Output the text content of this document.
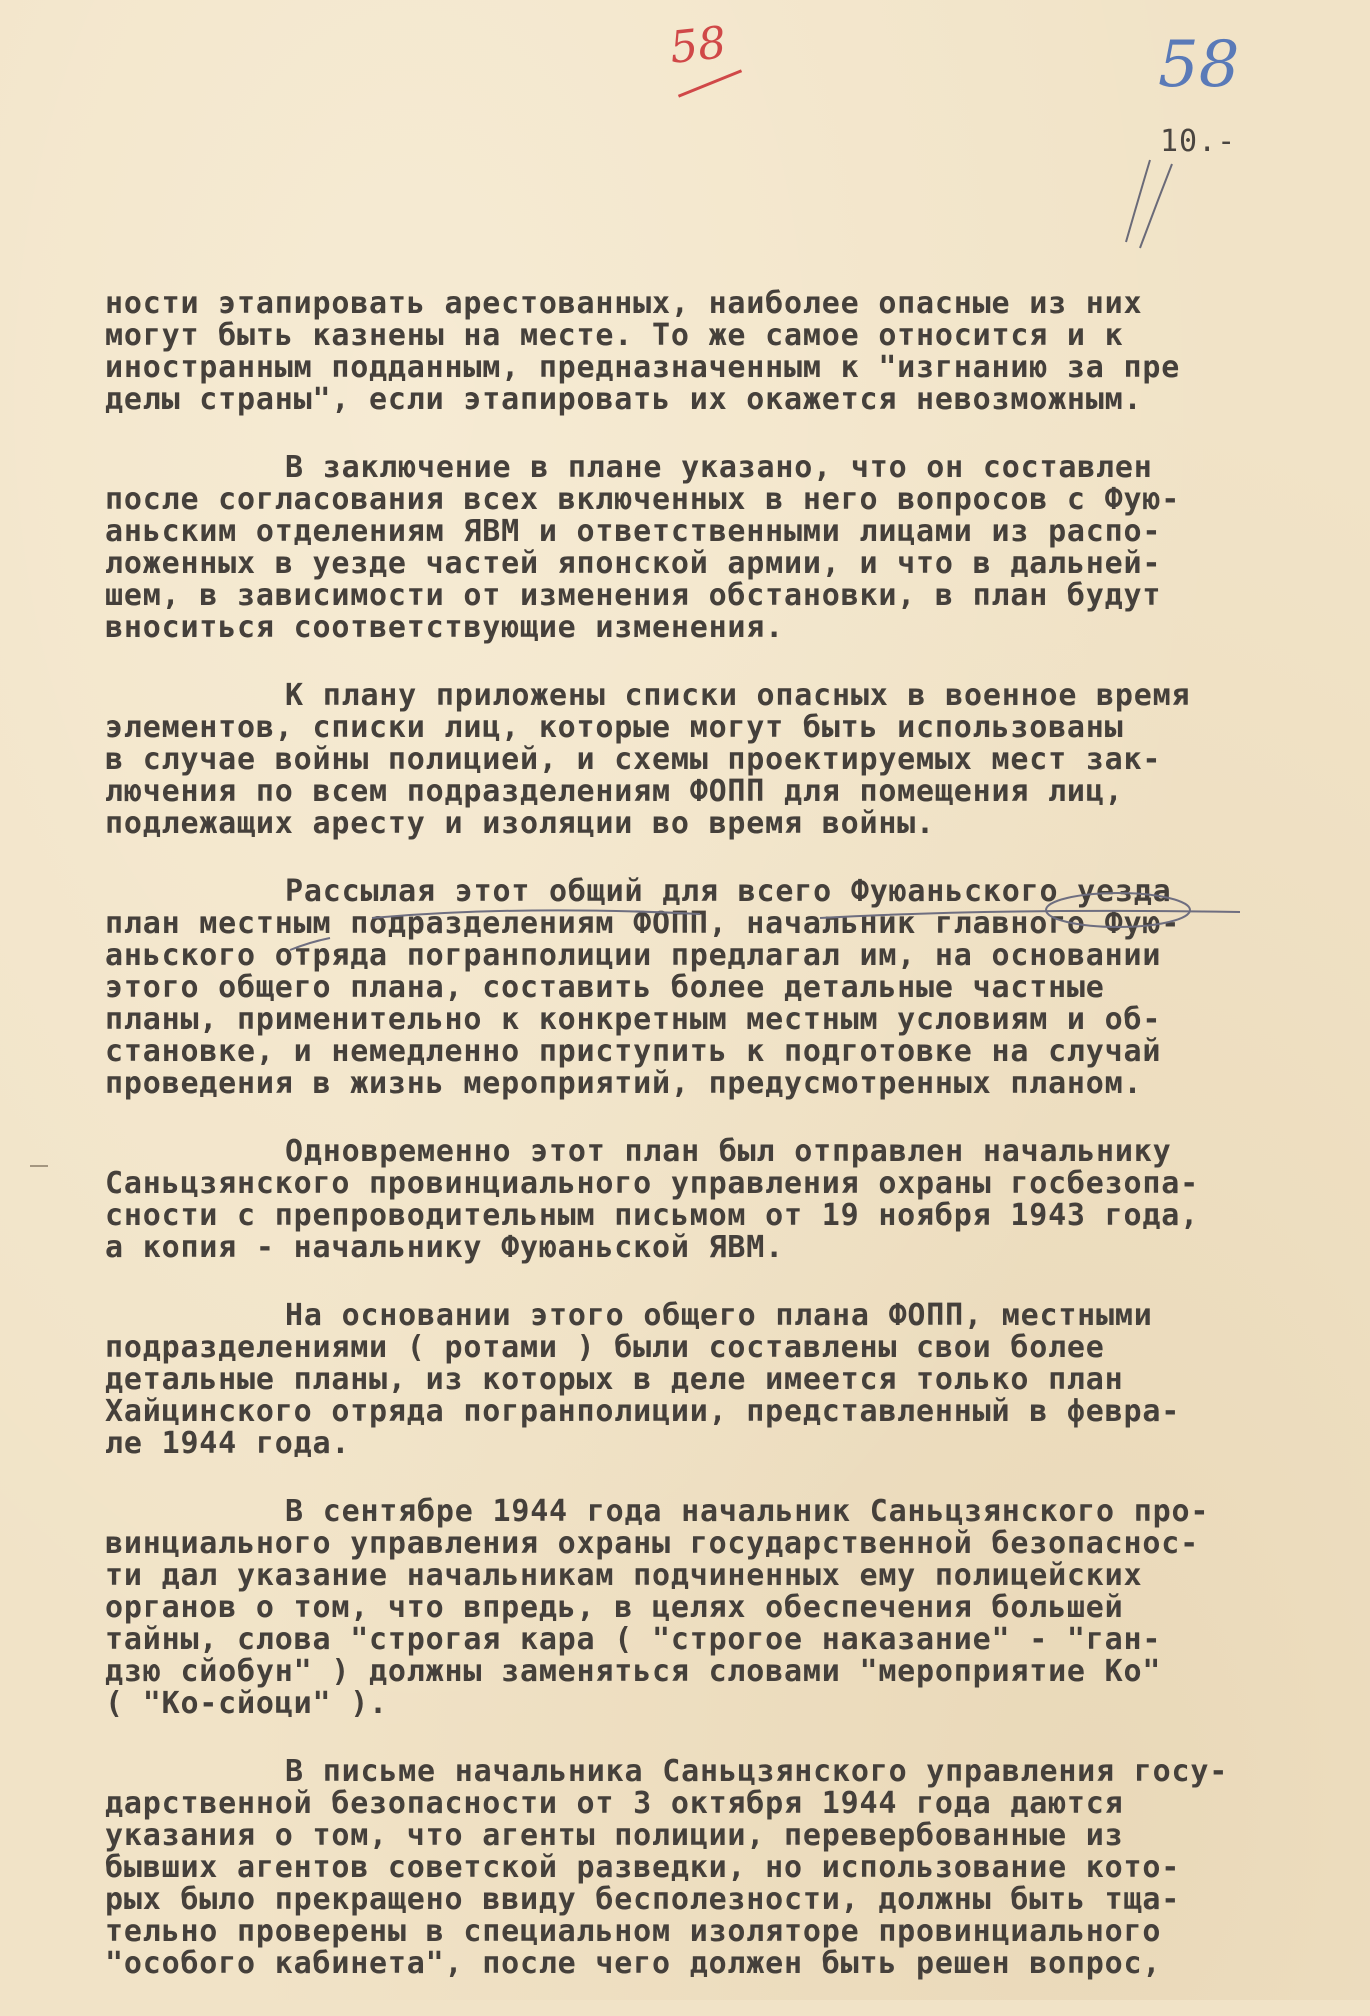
58	58
10.-
ности этапировать арестованных, наиболее опасные из них
могут быть казнены на месте. То же самое относится и к
иностранным подданным, предназначенным к "изгнанию за пре
делы страны", если этапировать их окажется невозможным.
В заключение в плане указано, что он составлен
после согласования всех включенных в него вопросов с Фую-
аньским отделениям ЯВМ и ответственными лицами из распо-
ложенных в уезде частей японской армии, и что в дальней-
шем, в зависимости от изменения обстановки, в план будут
вноситься соответствующие изменения.
К плану приложены списки опасных в военное время
элементов, списки лиц, которые могут быть использованы
в случае войны полицией, и схемы проектируемых мест зак-
лючения по всем подразделениям ФОПП для помещения лиц,
подлежащих аресту и изоляции во время войны.
Рассылая этот общий для всего Фуюаньского уезда
план местным подразделениям ФОПП, начальник главного Фую-
аньского отряда погранполиции предлагал им, на основании
этого общего плана, составить более детальные частные
планы, применительно к конкретным местным условиям и об-
становке, и немедленно приступить к подготовке на случай
проведения в жизнь мероприятий, предусмотренных планом.
Одновременно этот план был отправлен начальнику
Саньцзянского провинциального управления охраны госбезопа-
сности с препроводительным письмом от 19 ноября 1943 года,
а копия - начальнику Фуюаньской ЯВМ.
На основании этого общего плана ФОПП, местными
подразделениями ( ротами ) были составлены свои более
детальные планы, из которых в деле имеется только план
Хайцинского отряда погранполиции, представленный в февра-
ле 1944 года.
В сентябре 1944 года начальник Саньцзянского про-
винциального управления охраны государственной безопаснос-
ти дал указание начальникам подчиненных ему полицейских
органов о том, что впредь, в целях обеспечения большей
тайны, слова "строгая кара ( "строгое наказание" - "ган-
дзю сйобун" ) должны заменяться словами "мероприятие Ко"
( "Ко-сйоци" ).
В письме начальника Саньцзянского управления госу-
дарственной безопасности от 3 октября 1944 года даются
указания о том, что агенты полиции, перевербованные из
бывших агентов советской разведки, но использование кото-
рых было прекращено ввиду бесполезности, должны быть тща-
тельно проверены в специальном изоляторе провинциального
"особого кабинета", после чего должен быть решен вопрос,
